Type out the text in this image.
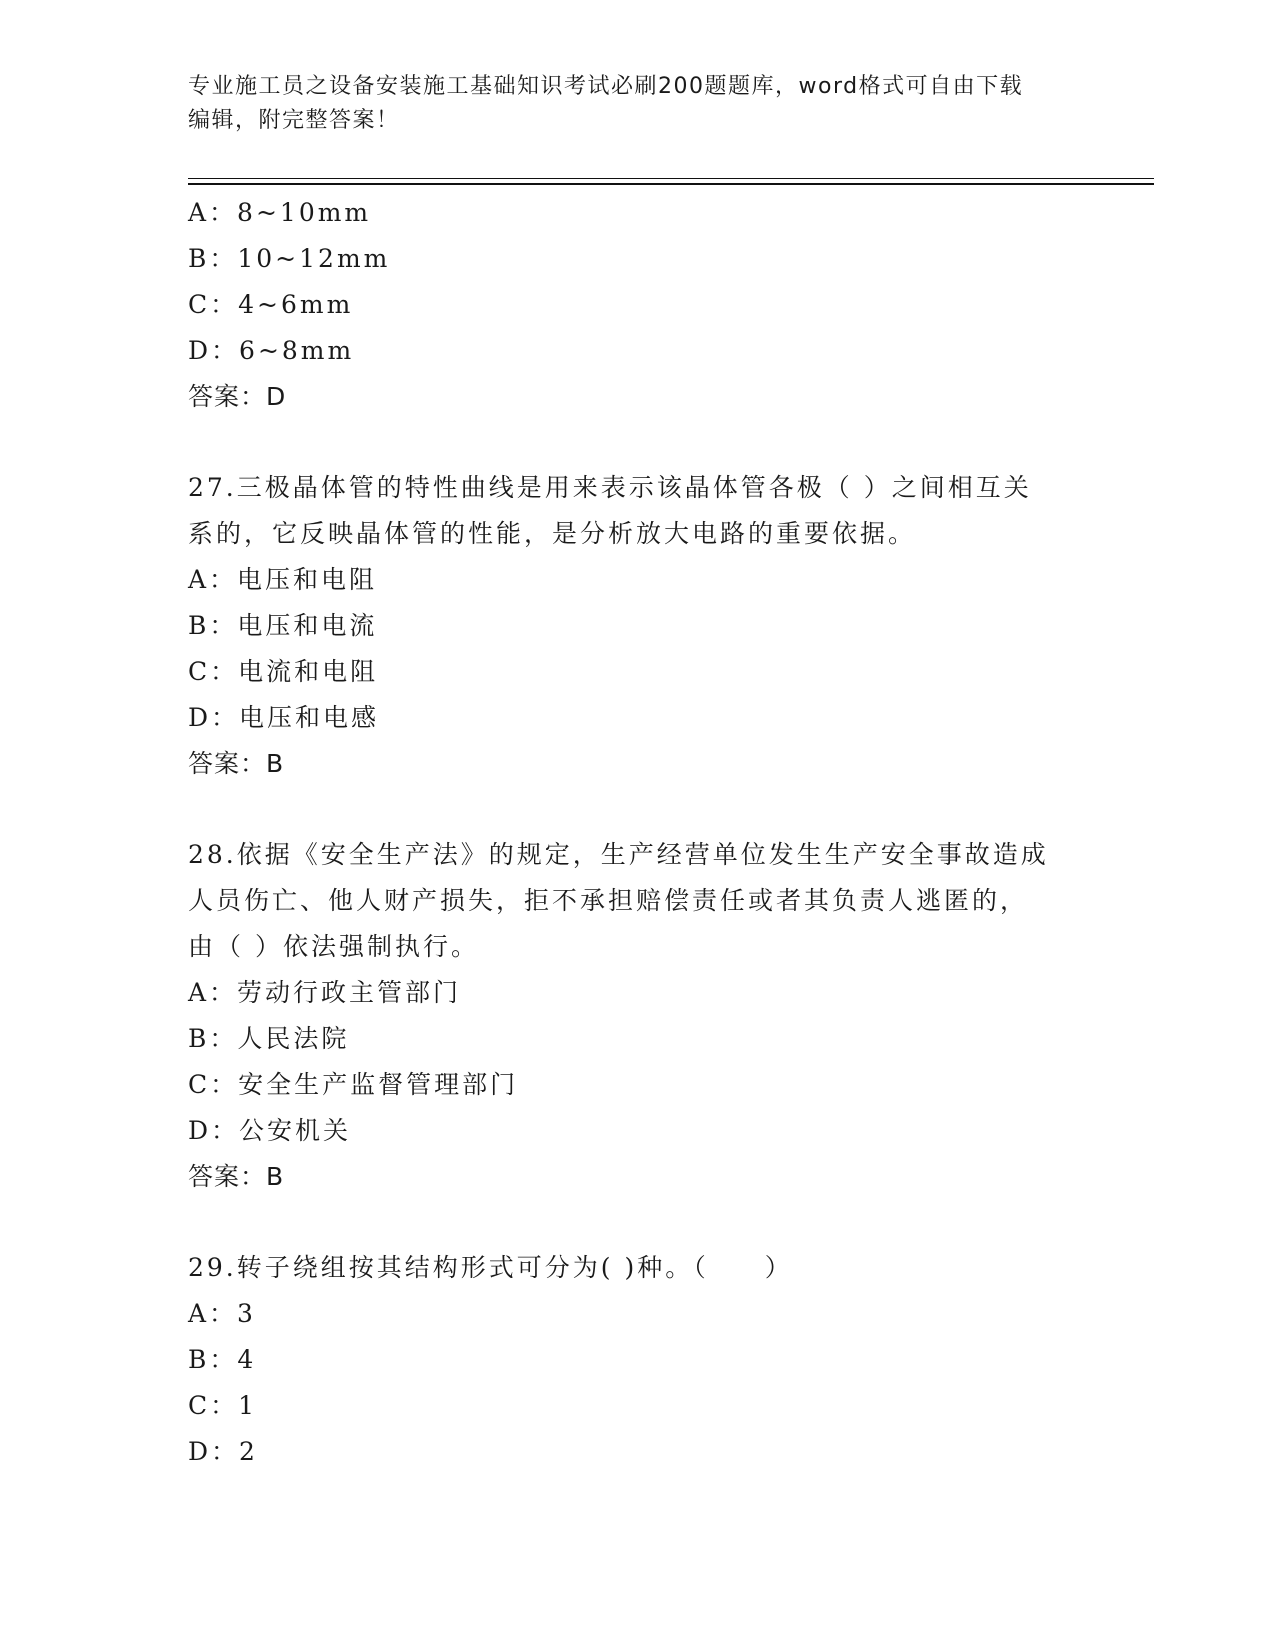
专业施工员之设备安装施工基础知识考试必刷200题题库，word格式可自由下载
编辑，附完整答案！
A：8~10mm
B：10~12mm
C：4~6mm
D：6~8mm
答案：D
27.三极晶体管的特性曲线是用来表示该晶体管各极（ ）之间相互关
系的，它反映晶体管的性能，是分析放大电路的重要依据。
A：电压和电阻
B：电压和电流
C：电流和电阻
D：电压和电感
答案：B
28.依据《安全生产法》的规定，生产经营单位发生生产安全事故造成
人员伤亡、他人财产损失，拒不承担赔偿责任或者其负责人逃匿的，
由（ ）依法强制执行。
A：劳动行政主管部门
B：人民法院
C：安全生产监督管理部门
D：公安机关
答案：B
29.转子绕组按其结构形式可分为( )种。（　　）
A：3
B：4
C：1
D：2
